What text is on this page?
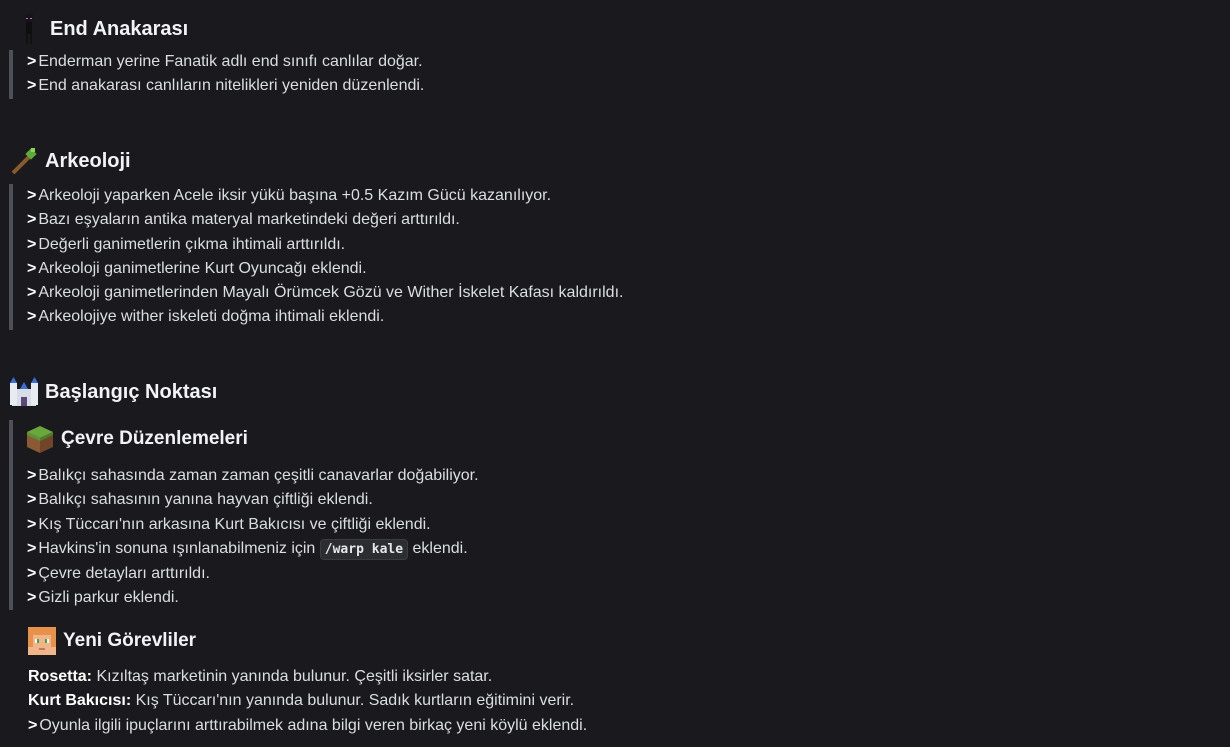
End Anakarası
> Enderman yerine Fanatik adlı end sınıfı canlılar doğar.
> End anakarası canlıların nitelikleri yeniden düzenlendi.
Arkeoloji
> Arkeoloji yaparken Acele iksir yükü başına +0.5 Kazım Gücü kazanılıyor.
> Bazı eşyaların antika materyal marketindeki değeri arttırıldı.
> Değerli ganimetlerin çıkma ihtimali arttırıldı.
> Arkeoloji ganimetlerine Kurt Oyuncağı eklendi.
> Arkeoloji ganimetlerinden Mayalı Örümcek Gözü ve Wither İskelet Kafası kaldırıldı.
> Arkeolojiye wither iskeleti doğma ihtimali eklendi.
Başlangıç Noktası
Çevre Düzenlemeleri
> Balıkçı sahasında zaman zaman çeşitli canavarlar doğabiliyor.
> Balıkçı sahasının yanına hayvan çiftliği eklendi.
> Kış Tüccarı'nın arkasına Kurt Bakıcısı ve çiftliği eklendi.
> Havkins'in sonuna ışınlanabilmeniz için /warp kale eklendi.
> Çevre detayları arttırıldı.
> Gizli parkur eklendi.
Yeni Görevliler
Rosetta: Kızıltaş marketinin yanında bulunur. Çeşitli iksirler satar.
Kurt Bakıcısı: Kış Tüccarı'nın yanında bulunur. Sadık kurtların eğitimini verir.
> Oyunla ilgili ipuçlarını arttırabilmek adına bilgi veren birkaç yeni köylü eklendi.
